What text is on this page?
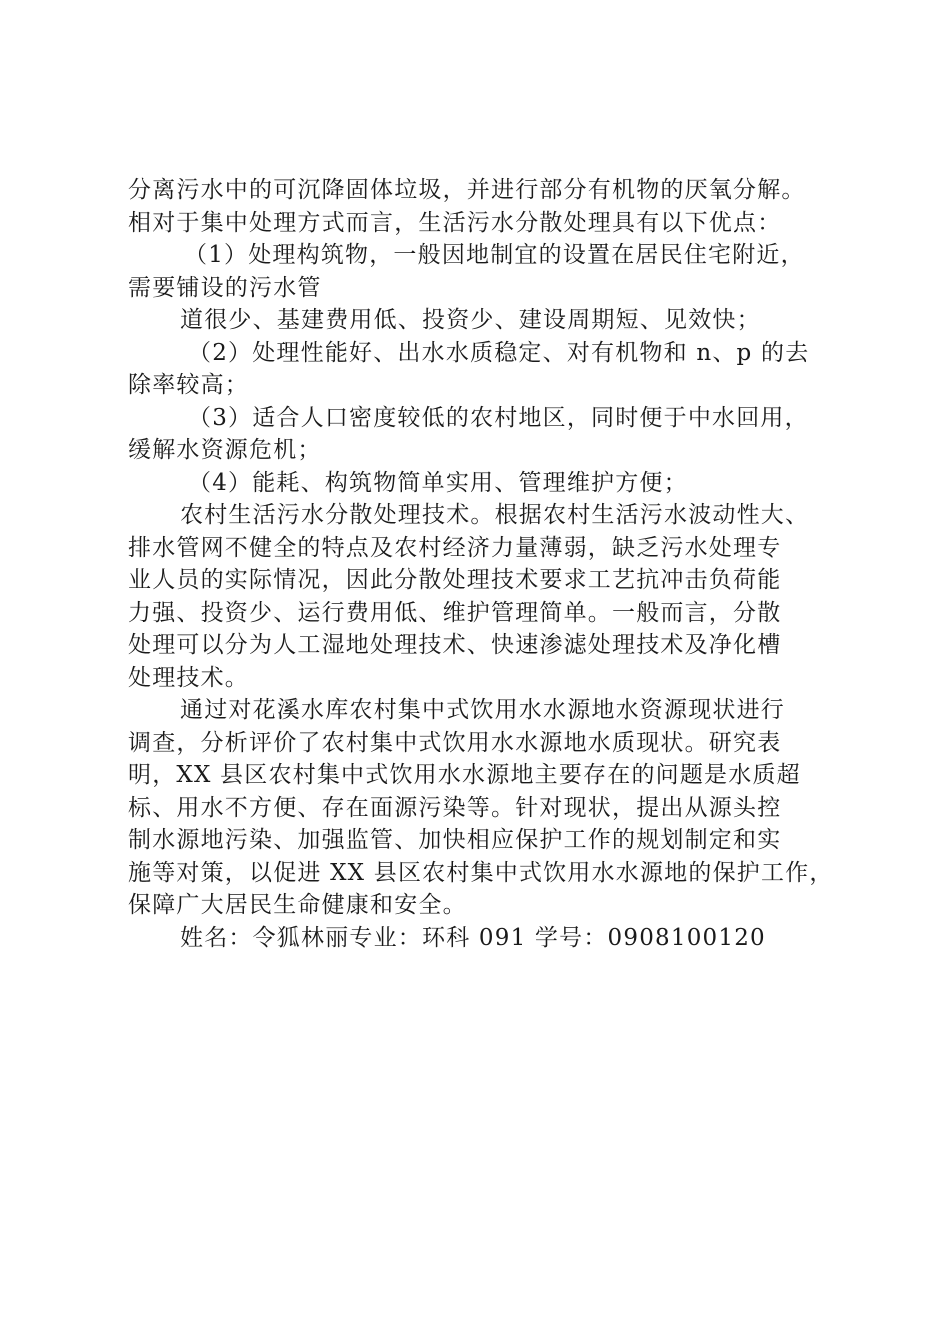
分离污水中的可沉降固体垃圾，并进行部分有机物的厌氧分解。
相对于集中处理方式而言，生活污水分散处理具有以下优点：
（1）处理构筑物，一般因地制宜的设置在居民住宅附近，
需要铺设的污水管
道很少、基建费用低、投资少、建设周期短、见效快；
（2）处理性能好、出水水质稳定、对有机物和 n、p 的去
除率较高；
（3）适合人口密度较低的农村地区，同时便于中水回用，
缓解水资源危机；
（4）能耗、构筑物简单实用、管理维护方便；
农村生活污水分散处理技术。根据农村生活污水波动性大、
排水管网不健全的特点及农村经济力量薄弱，缺乏污水处理专
业人员的实际情况，因此分散处理技术要求工艺抗冲击负荷能
力强、投资少、运行费用低、维护管理简单。一般而言，分散
处理可以分为人工湿地处理技术、快速渗滤处理技术及净化槽
处理技术。
通过对花溪水库农村集中式饮用水水源地水资源现状进行
调查，分析评价了农村集中式饮用水水源地水质现状。研究表
明，XX 县区农村集中式饮用水水源地主要存在的问题是水质超
标、用水不方便、存在面源污染等。针对现状，提出从源头控
制水源地污染、加强监管、加快相应保护工作的规划制定和实
施等对策，以促进 XX 县区农村集中式饮用水水源地的保护工作，
保障广大居民生命健康和安全。
姓名：令狐林丽专业：环科 091 学号：0908100120
